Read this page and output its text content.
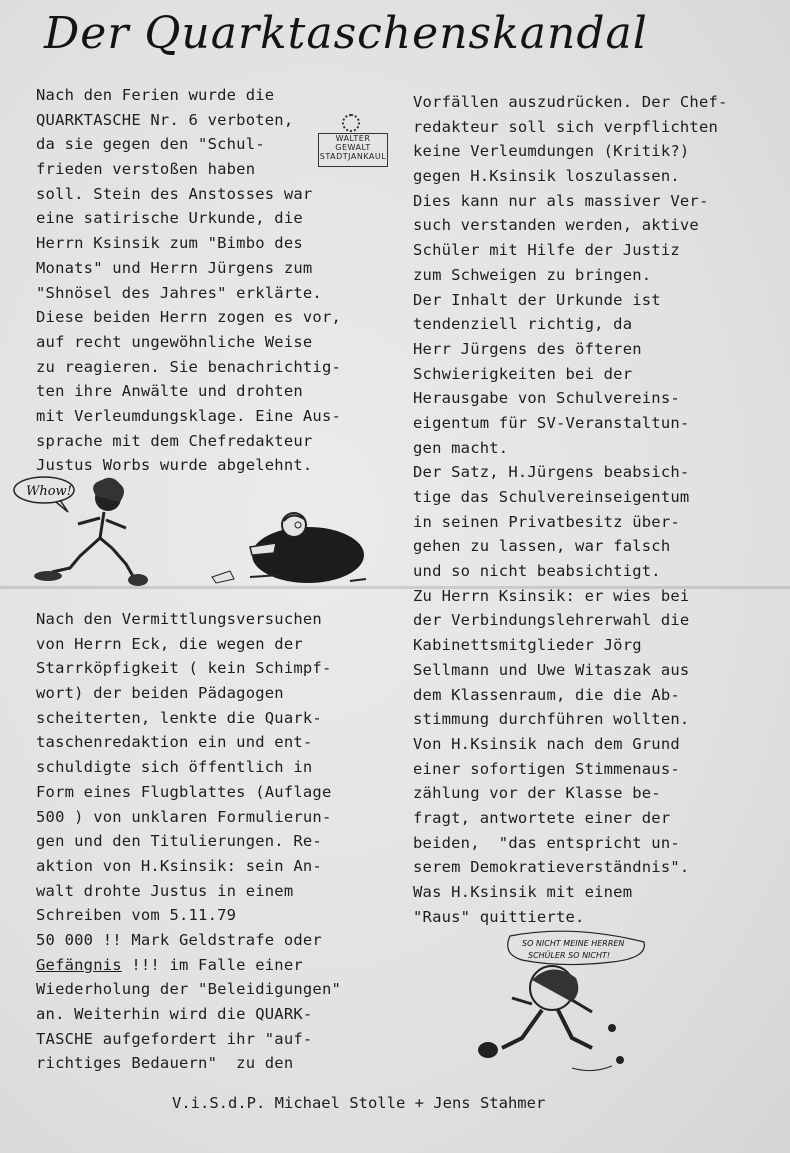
Der Quarktaschenskandal
WALTER
GEWALT
STADTJANKAUL
Nach den Ferien wurde die
QUARKTASCHE Nr. 6 verboten,
da sie gegen den "Schul-
frieden verstoßen haben
soll. Stein des Anstosses war
eine satirische Urkunde, die
Herrn Ksinsik zum "Bimbo des
Monats" und Herrn Jürgens zum
"Shnösel des Jahres" erklärte.
Diese beiden Herrn zogen es vor,
auf recht ungewöhnliche Weise
zu reagieren. Sie benachrichtig-
ten ihre Anwälte und drohten
mit Verleumdungsklage. Eine Aus-
sprache mit dem Chefredakteur
Justus Worbs wurde abgelehnt.
Whow!
Nach den Vermittlungsversuchen
von Herrn Eck, die wegen der
Starrköpfigkeit ( kein Schimpf-
wort) der beiden Pädagogen
scheiterten, lenkte die Quark-
taschenredaktion ein und ent-
schuldigte sich öffentlich in
Form eines Flugblattes (Auflage
500 ) von unklaren Formulierun-
gen und den Titulierungen. Re-
aktion von H.Ksinsik: sein An-
walt drohte Justus in einem
Schreiben vom 5.11.79
50 000 !! Mark Geldstrafe oder
Gefängnis !!! im Falle einer
Wiederholung der "Beleidigungen"
an. Weiterhin wird die QUARK-
TASCHE aufgefordert ihr "auf-
richtiges Bedauern"  zu den
Vorfällen auszudrücken. Der Chef-
redakteur soll sich verpflichten
keine Verleumdungen (Kritik?)
gegen H.Ksinsik loszulassen.
Dies kann nur als massiver Ver-
such verstanden werden, aktive
Schüler mit Hilfe der Justiz
zum Schweigen zu bringen.
Der Inhalt der Urkunde ist
tendenziell richtig, da
Herr Jürgens des öfteren
Schwierigkeiten bei der
Herausgabe von Schulvereins-
eigentum für SV-Veranstaltun-
gen macht.
Der Satz, H.Jürgens beabsich-
tige das Schulvereinseigentum
in seinen Privatbesitz über-
gehen zu lassen, war falsch
und so nicht beabsichtigt.
Zu Herrn Ksinsik: er wies bei
der Verbindungslehrerwahl die
Kabinettsmitglieder Jörg
Sellmann und Uwe Witaszak aus
dem Klassenraum, die die Ab-
stimmung durchführen wollten.
Von H.Ksinsik nach dem Grund
einer sofortigen Stimmenaus-
zählung vor der Klasse be-
fragt, antwortete einer der
beiden,  "das entspricht un-
serem Demokratieverständnis".
Was H.Ksinsik mit einem
"Raus" quittierte.
SO NICHT MEINE HERREN
SCHÜLER SO NICHT!
V.i.S.d.P. Michael Stolle + Jens Stahmer
